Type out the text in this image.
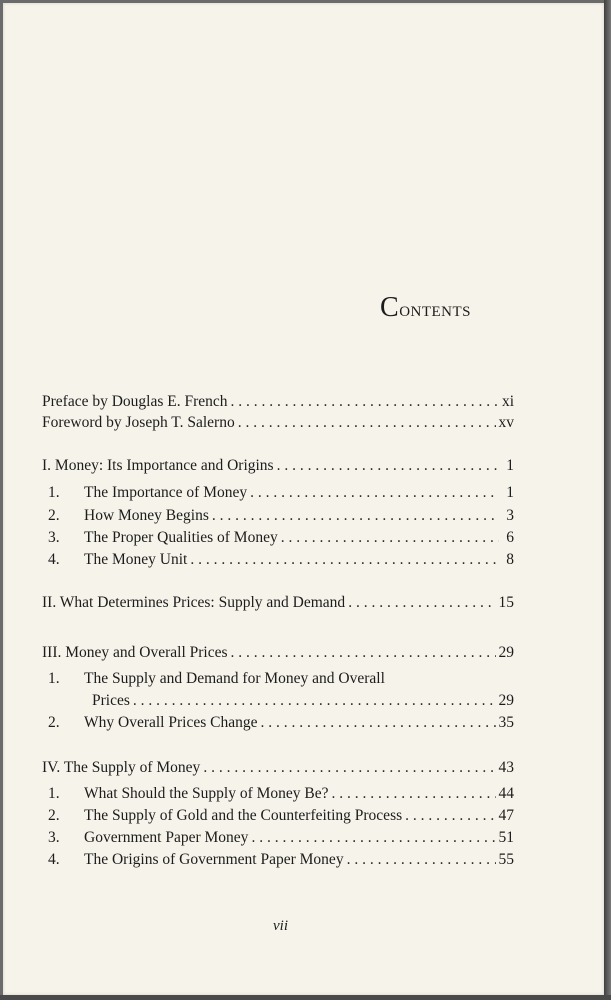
Contents
Preface by Douglas E. French . . .	xi
Foreword by Joseph T. Salerno . . .	xv
I. Money: Its Importance and Origins . . .	1
1.	The Importance of Money . . .	1
2.	How Money Begins . . .	3
3.	The Proper Qualities of Money . . .	6
4.	The Money Unit . . .	8
II. What Determines Prices: Supply and Demand . . .	15
III. Money and Overall Prices . . .	29
1.	The Supply and Demand for Money and Overall
Prices . . .	29
2.	Why Overall Prices Change . . .	35
IV. The Supply of Money . . .	43
1.	What Should the Supply of Money Be? . . .	44
2.	The Supply of Gold and the Counterfeiting Process . . .	47
3.	Government Paper Money . . .	51
4.	The Origins of Government Paper Money . . .	55
vii
